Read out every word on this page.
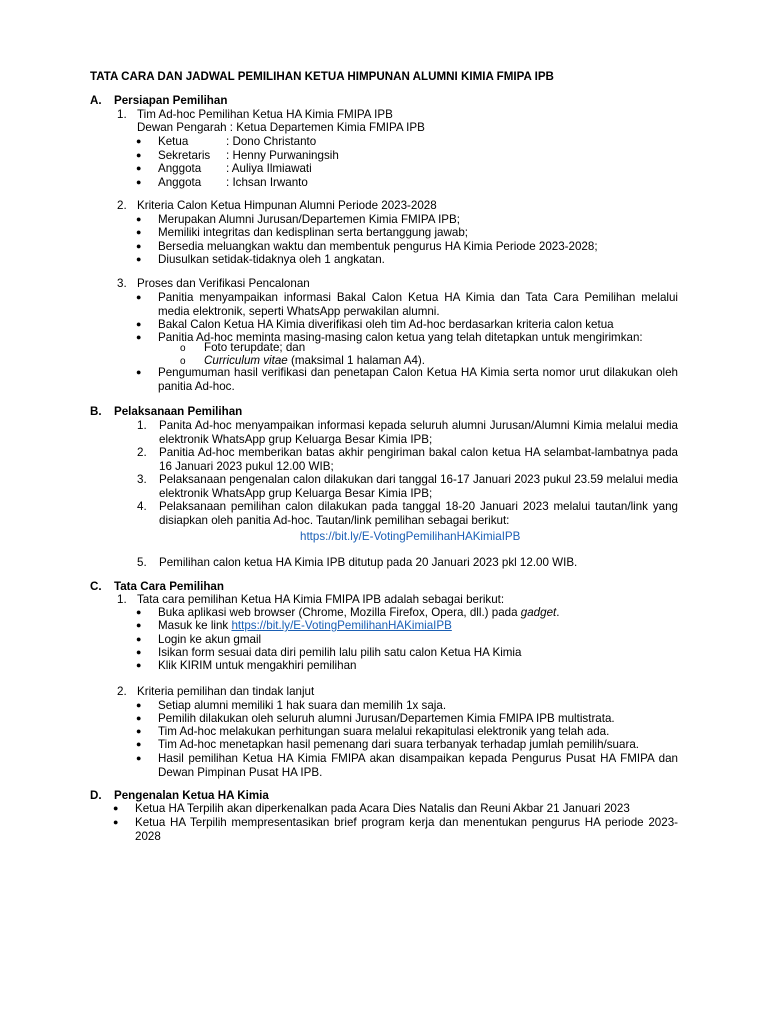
TATA CARA DAN JADWAL PEMILIHAN KETUA HIMPUNAN ALUMNI KIMIA FMIPA IPB
A. Persiapan Pemilihan
1. Tim Ad-hoc Pemilihan Ketua HA Kimia FMIPA IPB
Dewan Pengarah : Ketua Departemen Kimia FMIPA IPB
● Ketua	: Dono Christanto
● Sekretaris : Henny Purwaningsih
● Anggota : Auliya Ilmiawati
● Anggota : Ichsan Irwanto
2. Kriteria Calon Ketua Himpunan Alumni Periode 2023-2028
● Merupakan Alumni Jurusan/Departemen Kimia FMIPA IPB;
● Memiliki integritas dan kedisplinan serta bertanggung jawab;
● Bersedia meluangkan waktu dan membentuk pengurus HA Kimia Periode 2023-2028;
● Diusulkan setidak-tidaknya oleh 1 angkatan.
3. Proses dan Verifikasi Pencalonan
● Panitia menyampaikan informasi Bakal Calon Ketua HA Kimia dan Tata Cara Pemilihan melalui media elektronik, seperti WhatsApp perwakilan alumni.
● Bakal Calon Ketua HA Kimia diverifikasi oleh tim Ad-hoc berdasarkan kriteria calon ketua
● Panitia Ad-hoc meminta masing-masing calon ketua yang telah ditetapkan untuk mengirimkan:
o Foto terupdate; dan
o Curriculum vitae (maksimal 1 halaman A4).
● Pengumuman hasil verifikasi dan penetapan Calon Ketua HA Kimia serta nomor urut dilakukan oleh panitia Ad-hoc.
B. Pelaksanaan Pemilihan
1. Panita Ad-hoc menyampaikan informasi kepada seluruh alumni Jurusan/Alumni Kimia melalui media elektronik WhatsApp grup Keluarga Besar Kimia IPB;
2. Panitia Ad-hoc memberikan batas akhir pengiriman bakal calon ketua HA selambat-lambatnya pada 16 Januari 2023 pukul 12.00 WIB;
3. Pelaksanaan pengenalan calon dilakukan dari tanggal 16-17 Januari 2023 pukul 23.59 melalui media elektronik WhatsApp grup Keluarga Besar Kimia IPB;
4. Pelaksanaan pemilihan calon dilakukan pada tanggal 18-20 Januari 2023 melalui tautan/link yang disiapkan oleh panitia Ad-hoc. Tautan/link pemilihan sebagai berikut:
https://bit.ly/E-VotingPemilihanHAKimiaIPB
5. Pemilihan calon ketua HA Kimia IPB ditutup pada 20 Januari 2023 pkl 12.00 WIB.
C. Tata Cara Pemilihan
1. Tata cara pemilihan Ketua HA Kimia FMIPA IPB adalah sebagai berikut:
● Buka aplikasi web browser (Chrome, Mozilla Firefox, Opera, dll.) pada gadget.
● Masuk ke link https://bit.ly/E-VotingPemilihanHAKimiaIPB
● Login ke akun gmail
● Isikan form sesuai data diri pemilih lalu pilih satu calon Ketua HA Kimia
● Klik KIRIM untuk mengakhiri pemilihan
2. Kriteria pemilihan dan tindak lanjut
● Setiap alumni memiliki 1 hak suara dan memilih 1x saja.
● Pemilih dilakukan oleh seluruh alumni Jurusan/Departemen Kimia FMIPA IPB multistrata.
● Tim Ad-hoc melakukan perhitungan suara melalui rekapitulasi elektronik yang telah ada.
● Tim Ad-hoc menetapkan hasil pemenang dari suara terbanyak terhadap jumlah pemilih/suara.
● Hasil pemilihan Ketua HA Kimia FMIPA akan disampaikan kepada Pengurus Pusat HA FMIPA dan Dewan Pimpinan Pusat HA IPB.
D. Pengenalan Ketua HA Kimia
● Ketua HA Terpilih akan diperkenalkan pada Acara Dies Natalis dan Reuni Akbar 21 Januari 2023
● Ketua HA Terpilih mempresentasikan brief program kerja dan menentukan pengurus HA periode 2023-2028
